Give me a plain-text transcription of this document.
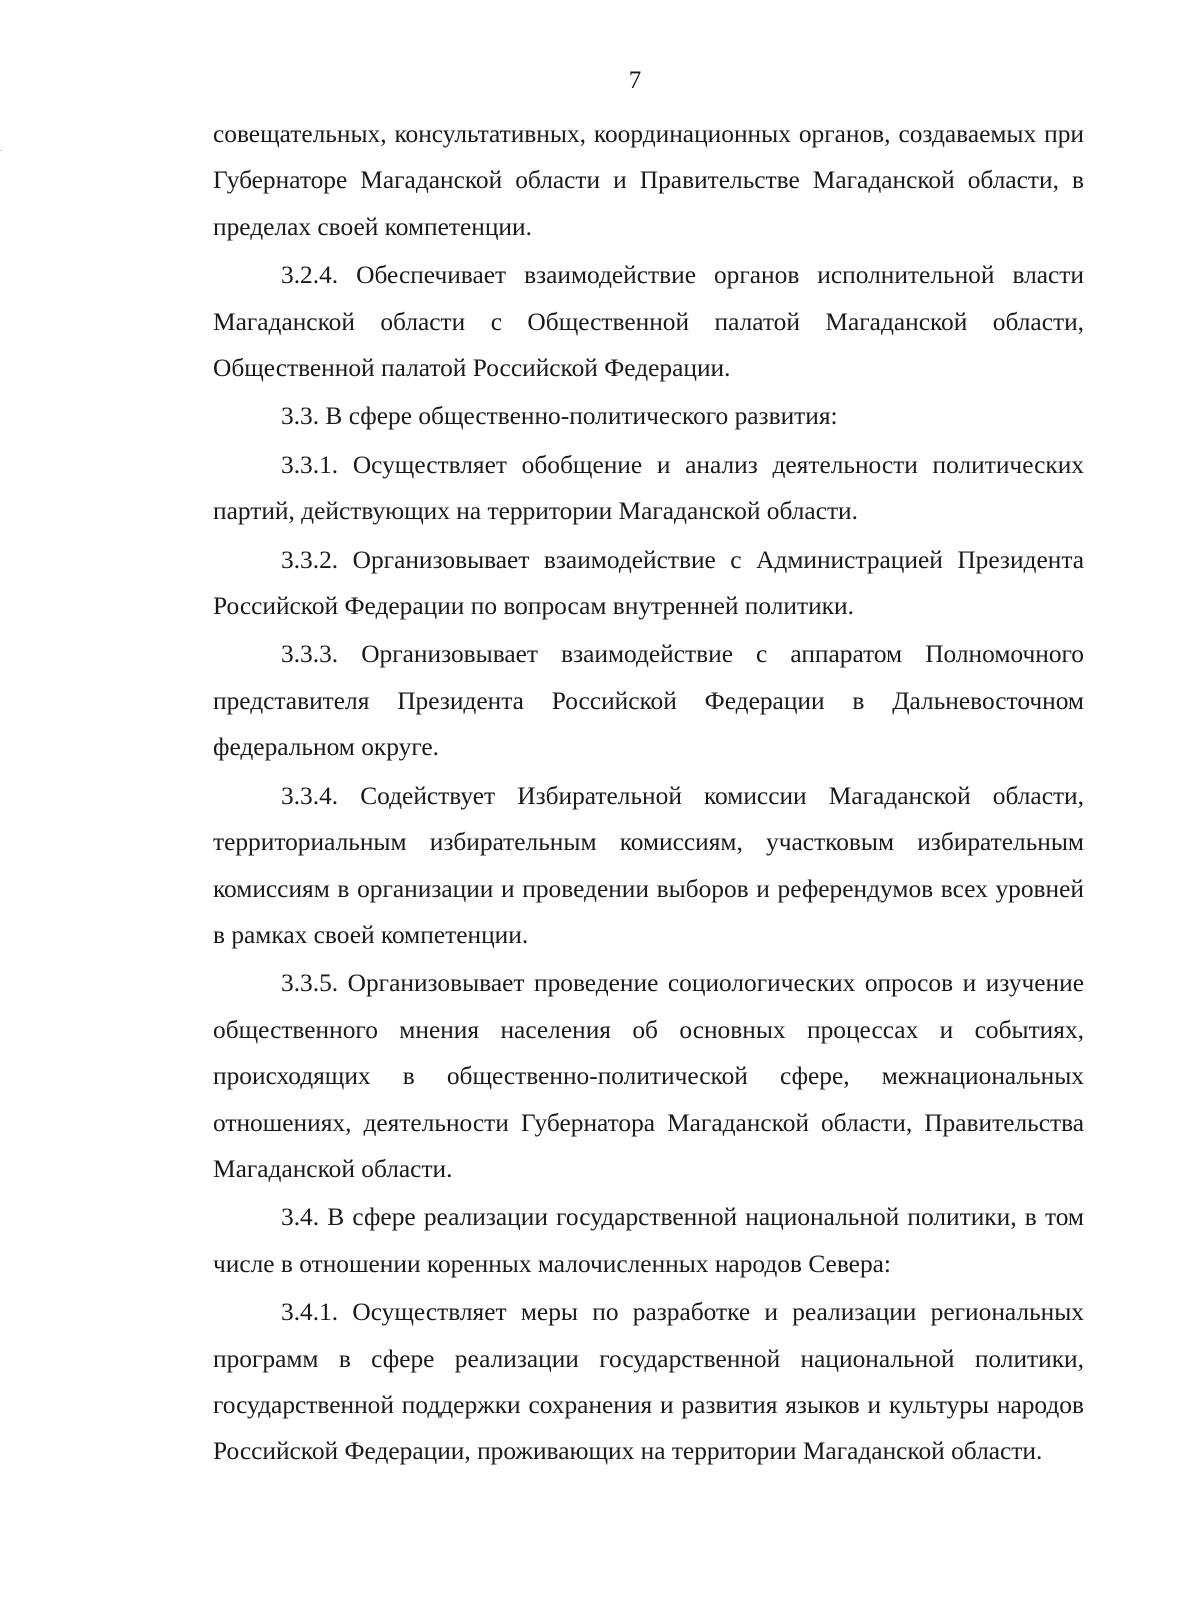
7

совещательных, консультативных, координационных органов, создаваемых при Губернаторе Магаданской области и Правительстве Магаданской области, в пределах своей компетенции.

3.2.4. Обеспечивает взаимодействие органов исполнительной власти Магаданской области с Общественной палатой Магаданской области, Общественной палатой Российской Федерации.

3.3. В сфере общественно-политического развития:

3.3.1. Осуществляет обобщение и анализ деятельности политических партий, действующих на территории Магаданской области.

3.3.2. Организовывает взаимодействие с Администрацией Президента Российской Федерации по вопросам внутренней политики.

3.3.3. Организовывает взаимодействие с аппаратом Полномочного представителя Президента Российской Федерации в Дальневосточном федеральном округе.

3.3.4. Содействует Избирательной комиссии Магаданской области, территориальным избирательным комиссиям, участковым избирательным комиссиям в организации и проведении выборов и референдумов всех уровней в рамках своей компетенции.

3.3.5. Организовывает проведение социологических опросов и изучение общественного мнения населения об основных процессах и событиях, происходящих в общественно-политической сфере, межнациональных отношениях, деятельности Губернатора Магаданской области, Правительства Магаданской области.

3.4. В сфере реализации государственной национальной политики, в том числе в отношении коренных малочисленных народов Севера:

3.4.1. Осуществляет меры по разработке и реализации региональных программ в сфере реализации государственной национальной политики, государственной поддержки сохранения и развития языков и культуры народов Российской Федерации, проживающих на территории Магаданской области.
